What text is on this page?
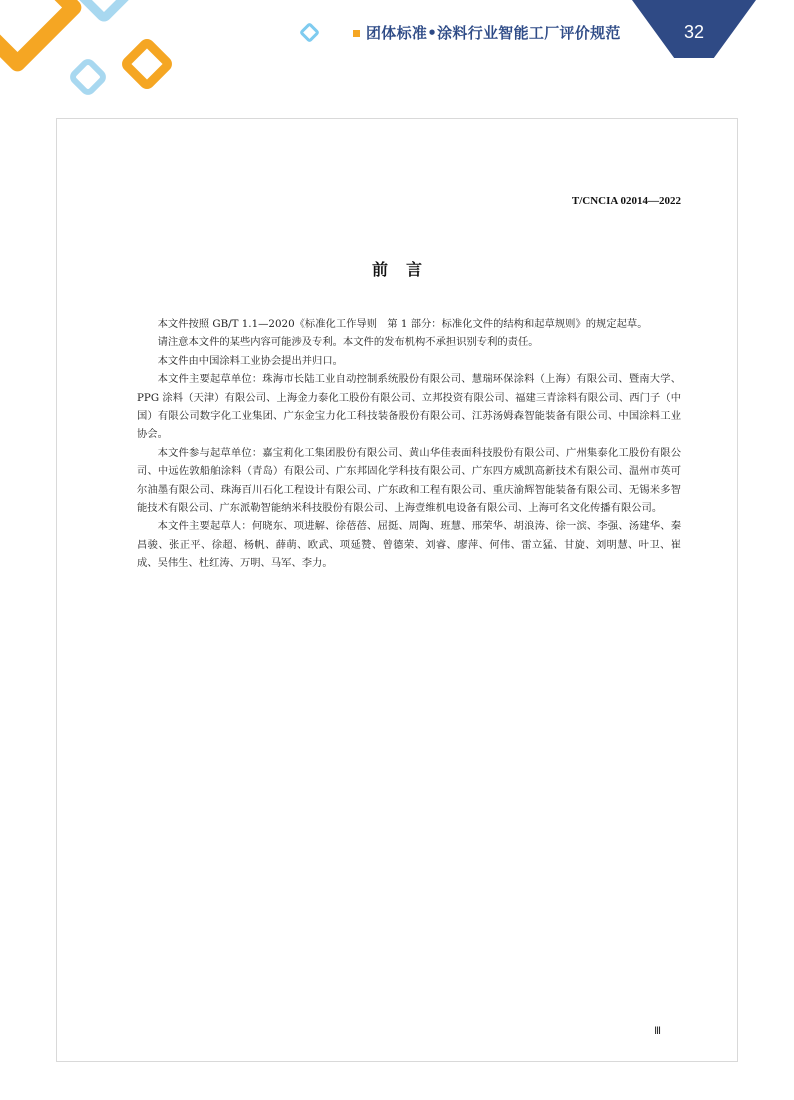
团体标准•涂料行业智能工厂评价规范	32
T/CNCIA 02014—2022
前言

本文件按照 GB/T 1.1—2020《标准化工作导则　第 1 部分：标准化文件的结构和起草规则》的规定起草。

请注意本文件的某些内容可能涉及专利。本文件的发布机构不承担识别专利的责任。

本文件由中国涂料工业协会提出并归口。

本文件主要起草单位：珠海市长陆工业自动控制系统股份有限公司、慧瑞环保涂料（上海）有限公司、暨南大学、PPG 涂料（天津）有限公司、上海金力泰化工股份有限公司、立邦投资有限公司、福建三青涂料有限公司、西门子（中国）有限公司数字化工业集团、广东金宝力化工科技装备股份有限公司、江苏汤姆森智能装备有限公司、中国涂料工业协会。

本文件参与起草单位：嘉宝莉化工集团股份有限公司、黄山华佳表面科技股份有限公司、广州集泰化工股份有限公司、中远佐敦船舶涂料（青岛）有限公司、广东邦固化学科技有限公司、广东四方威凯高新技术有限公司、温州市英可尔油墨有限公司、珠海百川石化工程设计有限公司、广东政和工程有限公司、重庆渝辉智能装备有限公司、无锡米多智能技术有限公司、广东派勒智能纳米科技股份有限公司、上海壹维机电设备有限公司、上海可名文化传播有限公司。

本文件主要起草人：何晓东、项进解、徐蓓蓓、屈挺、周陶、班慧、邢荣华、胡浪涛、徐一滨、李强、汤建华、秦昌骏、张正平、徐超、杨帆、薛萌、欧武、项延赞、曾德荣、刘睿、廖萍、何伟、雷立猛、甘旋、刘明慧、叶卫、崔成、吴伟生、杜红涛、万明、马军、李力。

Ⅲ
